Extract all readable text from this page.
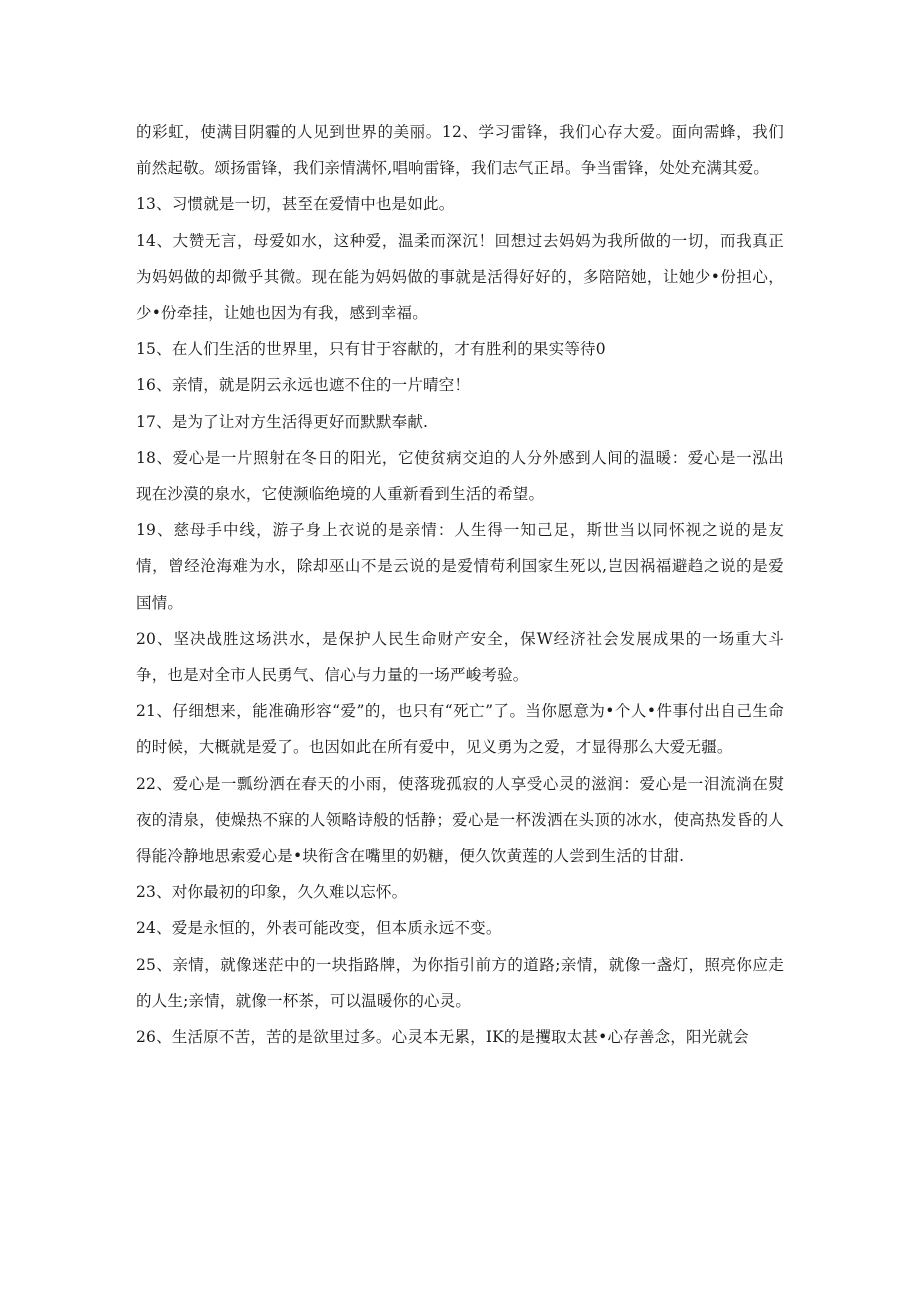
的彩虹，使满目阴霾的人见到世界的美丽。12、学习雷锋，我们心存大爱。面向需蜂，我们前然起敬。颂扬雷锋，我们亲情满怀,唱响雷锋，我们志气正昂。争当雷锋，处处充满其爱。

13、习惯就是一切，甚至在爱情中也是如此。

14、大赞无言，母爱如水，这种爱，温柔而深沉！回想过去妈妈为我所做的一切，而我真正为妈妈做的却微乎其微。现在能为妈妈做的事就是活得好好的，多陪陪她，让她少•份担心，少•份牵挂，让她也因为有我，感到幸福。

15、在人们生活的世界里，只有甘于容献的，才有胜利的果实等待0

16、亲情，就是阴云永远也遮不住的一片晴空！

17、是为了让对方生活得更好而默默奉献.

18、爱心是一片照射在冬日的阳光，它使贫病交迫的人分外感到人间的温暖：爱心是一泓出现在沙漠的泉水，它使濒临绝境的人重新看到生活的希望。

19、慈母手中线，游子身上衣说的是亲情：人生得一知己足，斯世当以同怀视之说的是友情，曾经沧海难为水，除却巫山不是云说的是爱情苟利国家生死以,岂因祸福避趋之说的是爱国情。

20、坚决战胜这场洪水，是保护人民生命财产安全，保W经济社会发展成果的一场重大斗争，也是对全市人民勇气、信心与力量的一场严峻考验。

21、仔细想来，能准确形容“爱”的，也只有“死亡”了。当你愿意为•个人•件事付出自己生命的时候，大概就是爱了。也因如此在所有爱中，见义勇为之爱，才显得那么大爱无疆。

22、爱心是一瓢纷洒在春天的小雨，使落珑孤寂的人享受心灵的滋润：爱心是一泪流淌在熨夜的清泉，使燥热不寐的人领略诗般的恬静；爱心是一杯泼洒在头顶的冰水，使高热发昏的人得能冷静地思索爱心是•块衔含在嘴里的奶糖，便久饮黄莲的人尝到生活的甘甜.

23、对你最初的印象，久久难以忘怀。

24、爱是永恒的，外表可能改变，但本质永远不变。

25、亲情，就像迷茫中的一块指路牌，为你指引前方的道路;亲情，就像一盏灯，照亮你应走的人生;亲情，就像一杯茶，可以温暖你的心灵。

26、生活原不苦，苦的是欲里过多。心灵本无累，IK的是攫取太甚•心存善念，阳光就会
